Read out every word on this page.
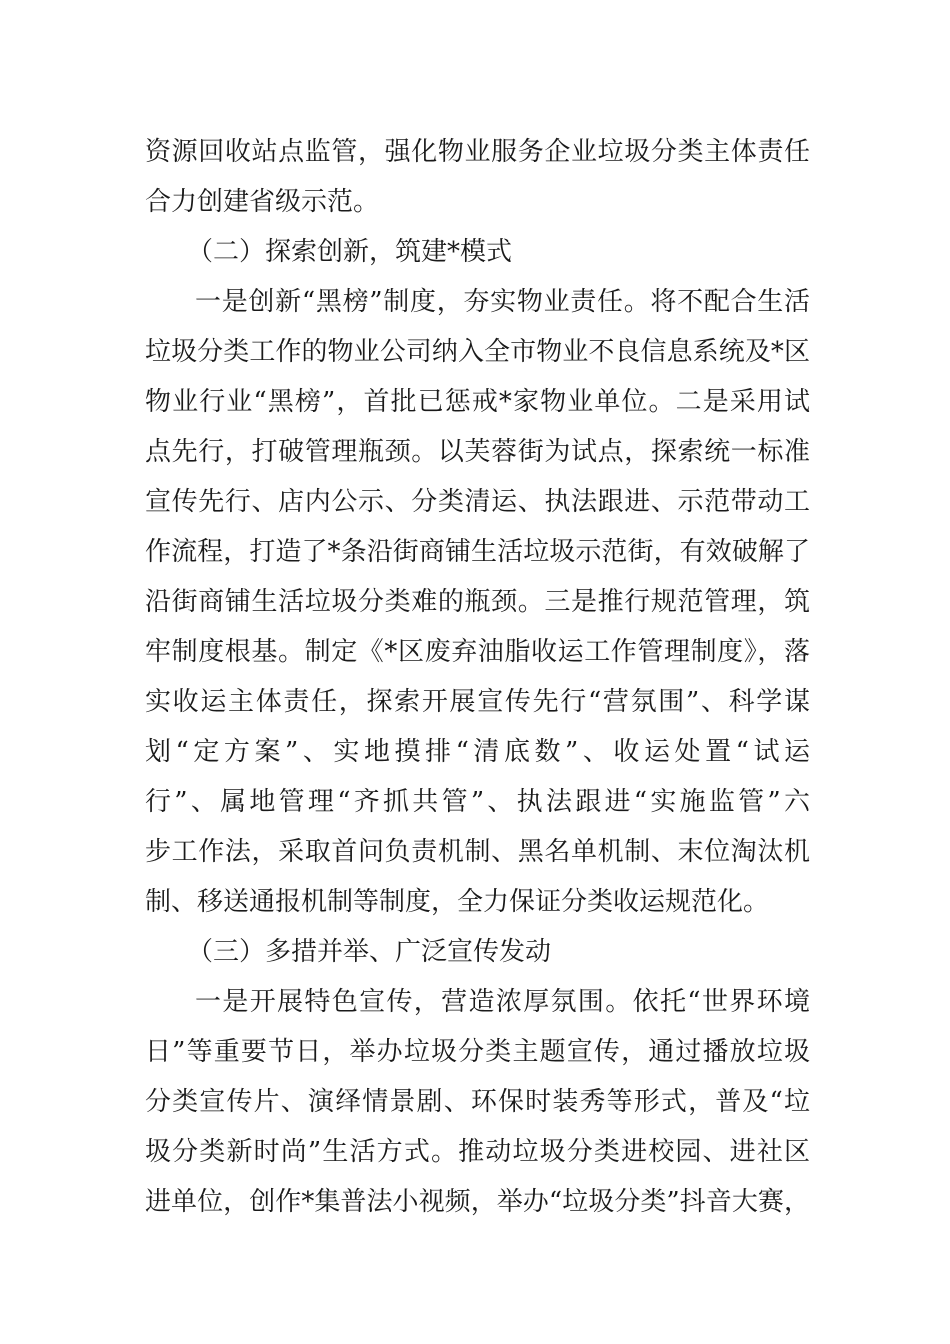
资源回收站点监管，强化物业服务企业垃圾分类主体责任
合力创建省级示范。
（二）探索创新，筑建*模式
一是创新“黑榜”制度，夯实物业责任。将不配合生活
垃圾分类工作的物业公司纳入全市物业不良信息系统及*区
物业行业“黑榜”，首批已惩戒*家物业单位。二是采用试
点先行，打破管理瓶颈。以芙蓉街为试点，探索统一标准
宣传先行、店内公示、分类清运、执法跟进、示范带动工
作流程，打造了*条沿街商铺生活垃圾示范街，有效破解了
沿街商铺生活垃圾分类难的瓶颈。三是推行规范管理，筑
牢制度根基。制定《*区废弃油脂收运工作管理制度》，落
实收运主体责任，探索开展宣传先行“营氛围”、科学谋
划“定方案”、实地摸排“清底数”、收运处置“试运
行”、属地管理“齐抓共管”、执法跟进“实施监管”六
步工作法，采取首问负责机制、黑名单机制、末位淘汰机
制、移送通报机制等制度，全力保证分类收运规范化。
（三）多措并举、广泛宣传发动
一是开展特色宣传，营造浓厚氛围。依托“世界环境
日”等重要节日，举办垃圾分类主题宣传，通过播放垃圾
分类宣传片、演绎情景剧、环保时装秀等形式，普及“垃
圾分类新时尚”生活方式。推动垃圾分类进校园、进社区
进单位，创作*集普法小视频，举办“垃圾分类”抖音大赛，
